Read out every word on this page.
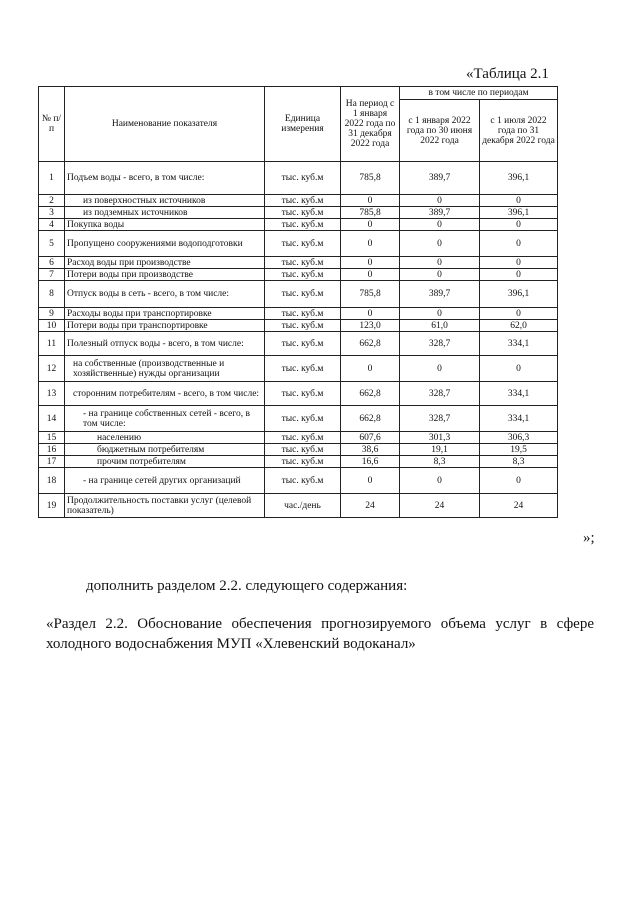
«Таблица 2.1
№ п/п	Наименование показателя	Единица измерения	На период с 1 января 2022 года по 31 декабря 2022 года	в том числе по периодам	
				с 1 января 2022 года по 30 июня 2022 года	с 1 июля 2022 года по 31 декабря 2022 года
1	Подъем воды - всего, в том числе:	тыс. куб.м	785,8	389,7	396,1
2	из поверхностных источников	тыс. куб.м	0	0	0
3	из подземных источников	тыс. куб.м	785,8	389,7	396,1
4	Покупка воды	тыс. куб.м	0	0	0
5	Пропущено сооружениями водоподготовки	тыс. куб.м	0	0	0
6	Расход воды при производстве	тыс. куб.м	0	0	0
7	Потери воды при производстве	тыс. куб.м	0	0	0
8	Отпуск воды в сеть - всего, в том числе:	тыс. куб.м	785,8	389,7	396,1
9	Расходы воды при транспортировке	тыс. куб.м	0	0	0
10	Потери воды при транспортировке	тыс. куб.м	123,0	61,0	62,0
11	Полезный отпуск воды - всего, в том числе:	тыс. куб.м	662,8	328,7	334,1
12	на собственные (производственные и хозяйственные) нужды организации	тыс. куб.м	0	0	0
13	сторонним потребителям - всего, в том числе:	тыс. куб.м	662,8	328,7	334,1
14	- на границе собственных сетей - всего, в том числе:	тыс. куб.м	662,8	328,7	334,1
15	населению	тыс. куб.м	607,6	301,3	306,3
16	бюджетным потребителям	тыс. куб.м	38,6	19,1	19,5
17	прочим потребителям	тыс. куб.м	16,6	8,3	8,3
18	- на границе сетей других организаций	тыс. куб.м	0	0	0
19	Продолжительность поставки услуг (целевой показатель)	час./день	24	24	24
»;
дополнить разделом 2.2. следующего содержания:
«Раздел 2.2. Обоснование обеспечения прогнозируемого объема услуг в сфере холодного водоснабжения МУП «Хлевенский водоканал»
